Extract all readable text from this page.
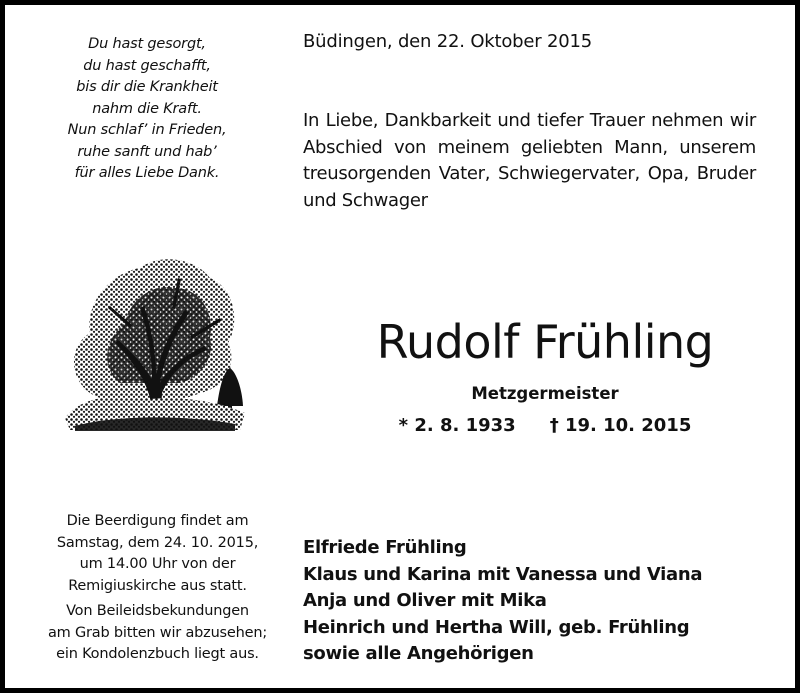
Du hast gesorgt,
du hast geschafft,
bis dir die Krankheit
nahm die Kraft.
Nun schlaf’ in Frieden,
ruhe sanft und hab’
für alles Liebe Dank.
Büdingen, den 22. Oktober 2015
In Liebe, Dankbarkeit und tiefer Trauer nehmen wir Abschied von meinem geliebten Mann, unserem treusorgenden Vater, Schwiegervater, Opa, Bruder und Schwager
Rudolf Frühling
Metzgermeister
* 2. 8. 1933 † 19. 10. 2015
Die Beerdigung findet am
Samstag, dem 24. 10. 2015,
um 14.00 Uhr von der
Remigiuskirche aus statt.
Von Beileidsbekundungen
am Grab bitten wir abzusehen;
ein Kondolenzbuch liegt aus.
Elfriede Frühling
Klaus und Karina mit Vanessa und Viana
Anja und Oliver mit Mika
Heinrich und Hertha Will, geb. Frühling
sowie alle Angehörigen
